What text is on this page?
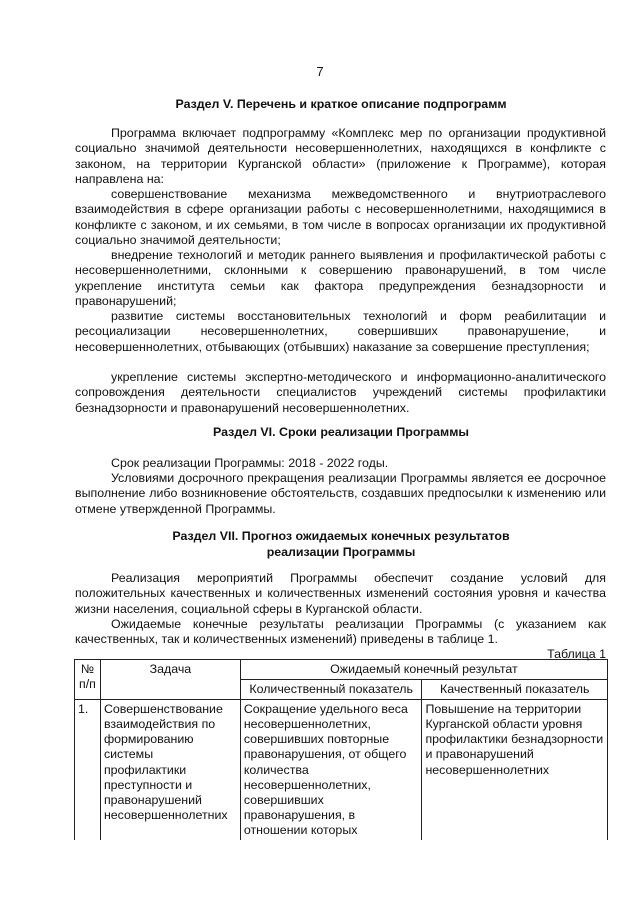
7
Раздел V. Перечень и краткое описание подпрограмм

Программа включает подпрограмму «Комплекс мер по организации продуктивной социально значимой деятельности несовершеннолетних, находящихся в конфликте с законом, на территории Курганской области» (приложение к Программе), которая направлена на:

совершенствование механизма межведомственного и внутриотраслевого взаимодействия в сфере организации работы с несовершеннолетними, находящимися в конфликте с законом, и их семьями, в том числе в вопросах организации их продуктивной социально значимой деятельности;

внедрение технологий и методик раннего выявления и профилактической работы с несовершеннолетними, склонными к совершению правонарушений, в том числе укрепление института семьи как фактора предупреждения безнадзорности и правонарушений;

развитие системы восстановительных технологий и форм реабилитации и ресоциализации несовершеннолетних, совершивших правонарушение, и несовершеннолетних, отбывающих (отбывших) наказание за совершение преступления;

укрепление системы экспертно-методического и информационно-аналитического сопровождения деятельности специалистов учреждений системы профилактики безнадзорности и правонарушений несовершеннолетних.

Раздел VI. Сроки реализации Программы

Срок реализации Программы: 2018 - 2022 годы.

Условиями досрочного прекращения реализации Программы является ее досрочное выполнение либо возникновение обстоятельств, создавших предпосылки к изменению или отмене утвержденной Программы.

Раздел VII. Прогноз ожидаемых конечных результатов
реализации Программы

Реализация мероприятий Программы обеспечит создание условий для положительных качественных и количественных изменений состояния уровня и качества жизни населения, социальной сферы в Курганской области.

Ожидаемые конечные результаты реализации Программы (с указанием как качественных, так и количественных изменений) приведены в таблице 1.

Таблица 1
№ п/п	Задача	Ожидаемый конечный результат	
		Количественный показатель	Качественный показатель
1.	Совершенствование взаимодействия по формированию системы профилактики преступности и правонарушений несовершеннолетних	Сокращение удельного веса несовершеннолетних, совершивших повторные правонарушения, от общего количества несовершеннолетних, совершивших правонарушения, в отношении которых	Повышение на территории Курганской области уровня профилактики безнадзорности и правонарушений несовершеннолетних
